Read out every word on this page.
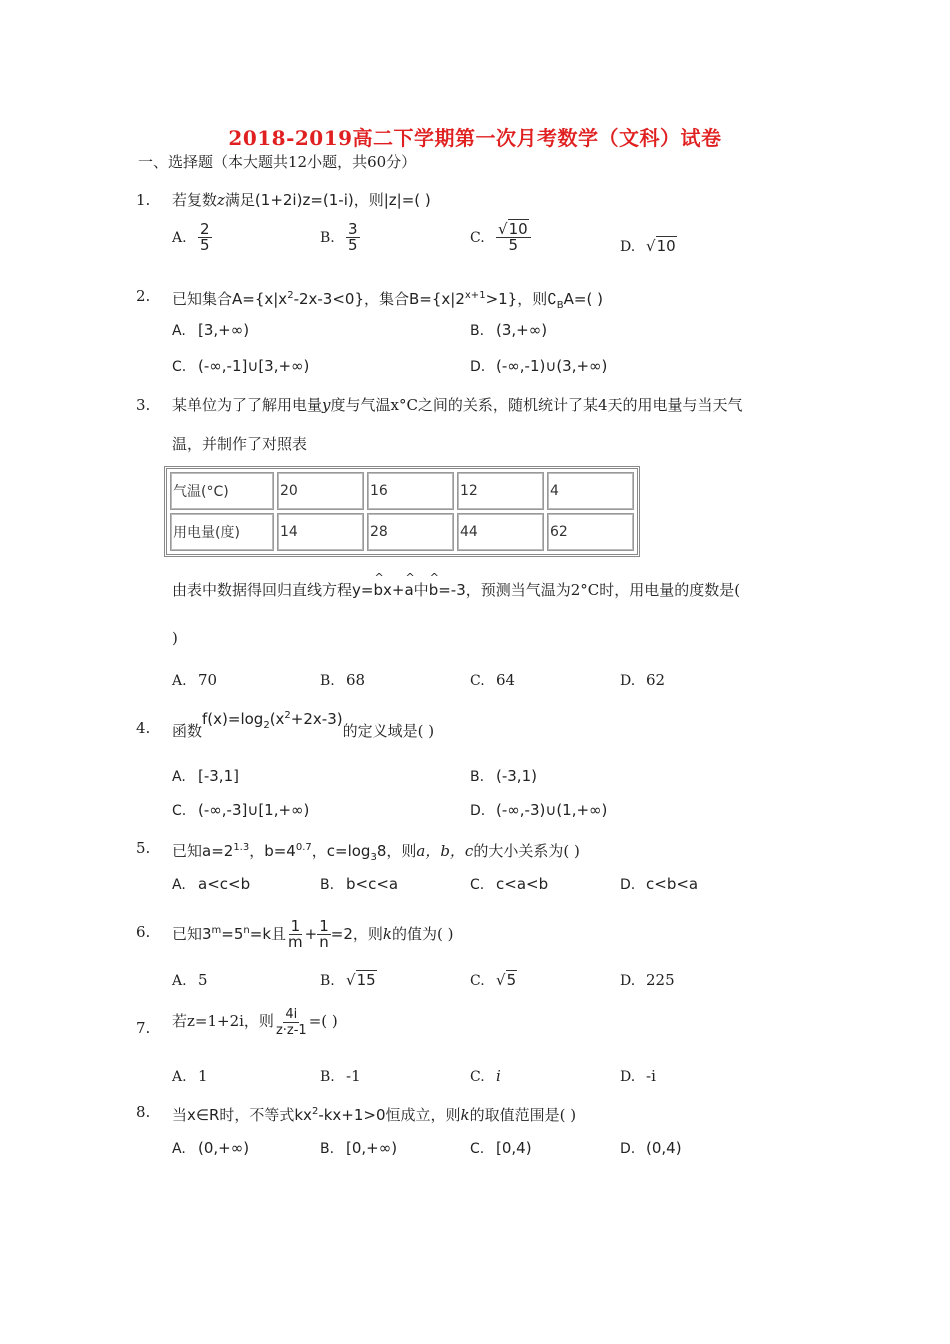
2018-2019高二下学期第一次月考数学（文科）试卷
一、选择题（本大题共12小题，共60分）
1. 若复数z满足(1+2i)z=(1-i)，则|z|=( )
A. $\frac{2}{5}$	B. $\frac{3}{5}$	C. $\frac{√10}{5}$	D. √10
2. 已知集合$A=\{x|x^2-2x-3<0\}$，集合$B=\{x|2^{x+1}>1\}$，则$∁_BA=$( )
A. [3,+∞)	B. (3,+∞)
C. (-∞,-1]∪[3,+∞)	D. (-∞,-1)∪(3,+∞)
3. 某单位为了了解用电量y度与气温x°C之间的关系，随机统计了某4天的用电量与当天气
温，并制作了对照表
气温(°C)	20	16	12	4
用电量(度)	14	28	44	62
由表中数据得回归直线方程y=^ bx+^ a中^ b=-3，预测当气温为2°C时，用电量的度数是(
)
A. 70	B. 68	C. 64	D. 62
4. 函数$f(x)=\log_2(x^2+2x-3)$的定义域是( )
A. [-3,1]	B. (-3,1)
C. (-∞,-3]∪[1,+∞)	D. (-∞,-3)∪(1,+∞)
5. 已知$a=2^{1.3}$，$b=4^{0.7}$，$c=\log_38$，则a，b，c的大小关系为( )
A. a<c<b	B. b<c<a	C. c<a<b	D. c<b<a
6. 已知$3^m=5^n=k$且 $\frac{1}{m} + \frac{1}{n} =2$，则k的值为( )
A. 5	B. √15	C. √5	D. 225
7. 若z=1+2i，则 $\frac{4i}{z\cdot z-1}$ =( )
A. 1	B. -1	C. i	D. -i
8. 当x∈R时，不等式$kx^2-kx+1>0$恒成立，则k的取值范围是( )
A. (0,+∞)	B. [0,+∞)	C. [0,4)	D. (0,4)
